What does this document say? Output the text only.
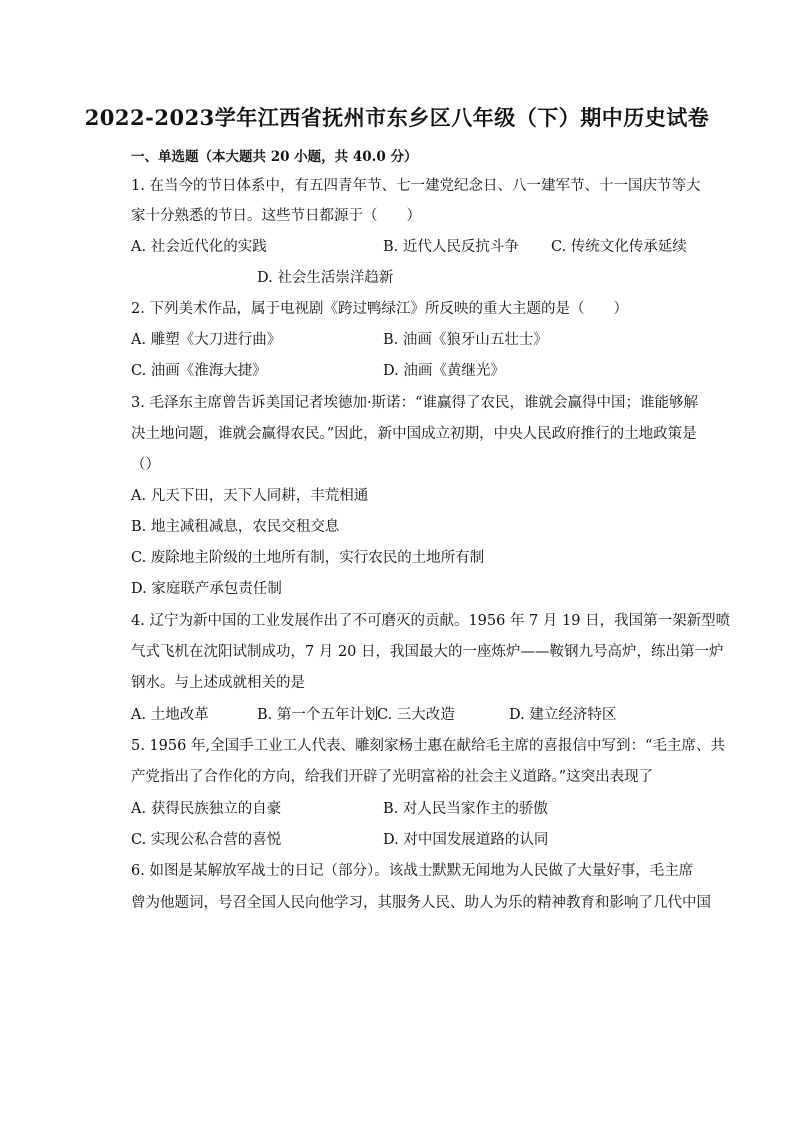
2022-2023学年江西省抚州市东乡区八年级（下）期中历史试卷
一、单选题（本大题共 20 小题，共 40.0 分）
1. 在当今的节日体系中，有五四青年节、七一建党纪念日、八一建军节、十一国庆节等大
家十分熟悉的节日。这些节日都源于（　　）
A. 社会近代化的实践	B. 近代人民反抗斗争 C. 传统文化传承延续
D. 社会生活崇洋趋新
2. 下列美术作品，属于电视剧《跨过鸭绿江》所反映的重大主题的是（　　）
A. 雕塑《大刀进行曲》	B. 油画《狼牙山五壮士》
C. 油画《淮海大捷》	D. 油画《黄继光》
3. 毛泽东主席曾告诉美国记者埃德加·斯诺：“谁赢得了农民，谁就会赢得中国；谁能够解
决土地问题，谁就会赢得农民。”因此，新中国成立初期，中央人民政府推行的土地政策是
（）
A. 凡天下田，天下人同耕，丰荒相通
B. 地主减租减息，农民交租交息
C. 废除地主阶级的土地所有制，实行农民的土地所有制
D. 家庭联产承包责任制
4. 辽宁为新中国的工业发展作出了不可磨灭的贡献。1956 年 7 月 19 日，我国第一架新型喷
气式飞机在沈阳试制成功，7 月 20 日，我国最大的一座炼炉——鞍钢九号高炉，练出第一炉
钢水。与上述成就相关的是
A. 土地改革	B. 第一个五年计划
C. 三大改造	D. 建立经济特区
5. 1956 年,全国手工业工人代表、雕刻家杨士惠在献给毛主席的喜报信中写到：“毛主席、共
产党指出了合作化的方向，给我们开辟了光明富裕的社会主义道路。”这突出表现了
A. 获得民族独立的自豪	B. 对人民当家作主的骄傲
C. 实现公私合营的喜悦	D. 对中国发展道路的认同
6. 如图是某解放军战士的日记（部分）。该战士默默无闻地为人民做了大量好事，毛主席
曾为他题词，号召全国人民向他学习，其服务人民、助人为乐的精神教育和影响了几代中国
